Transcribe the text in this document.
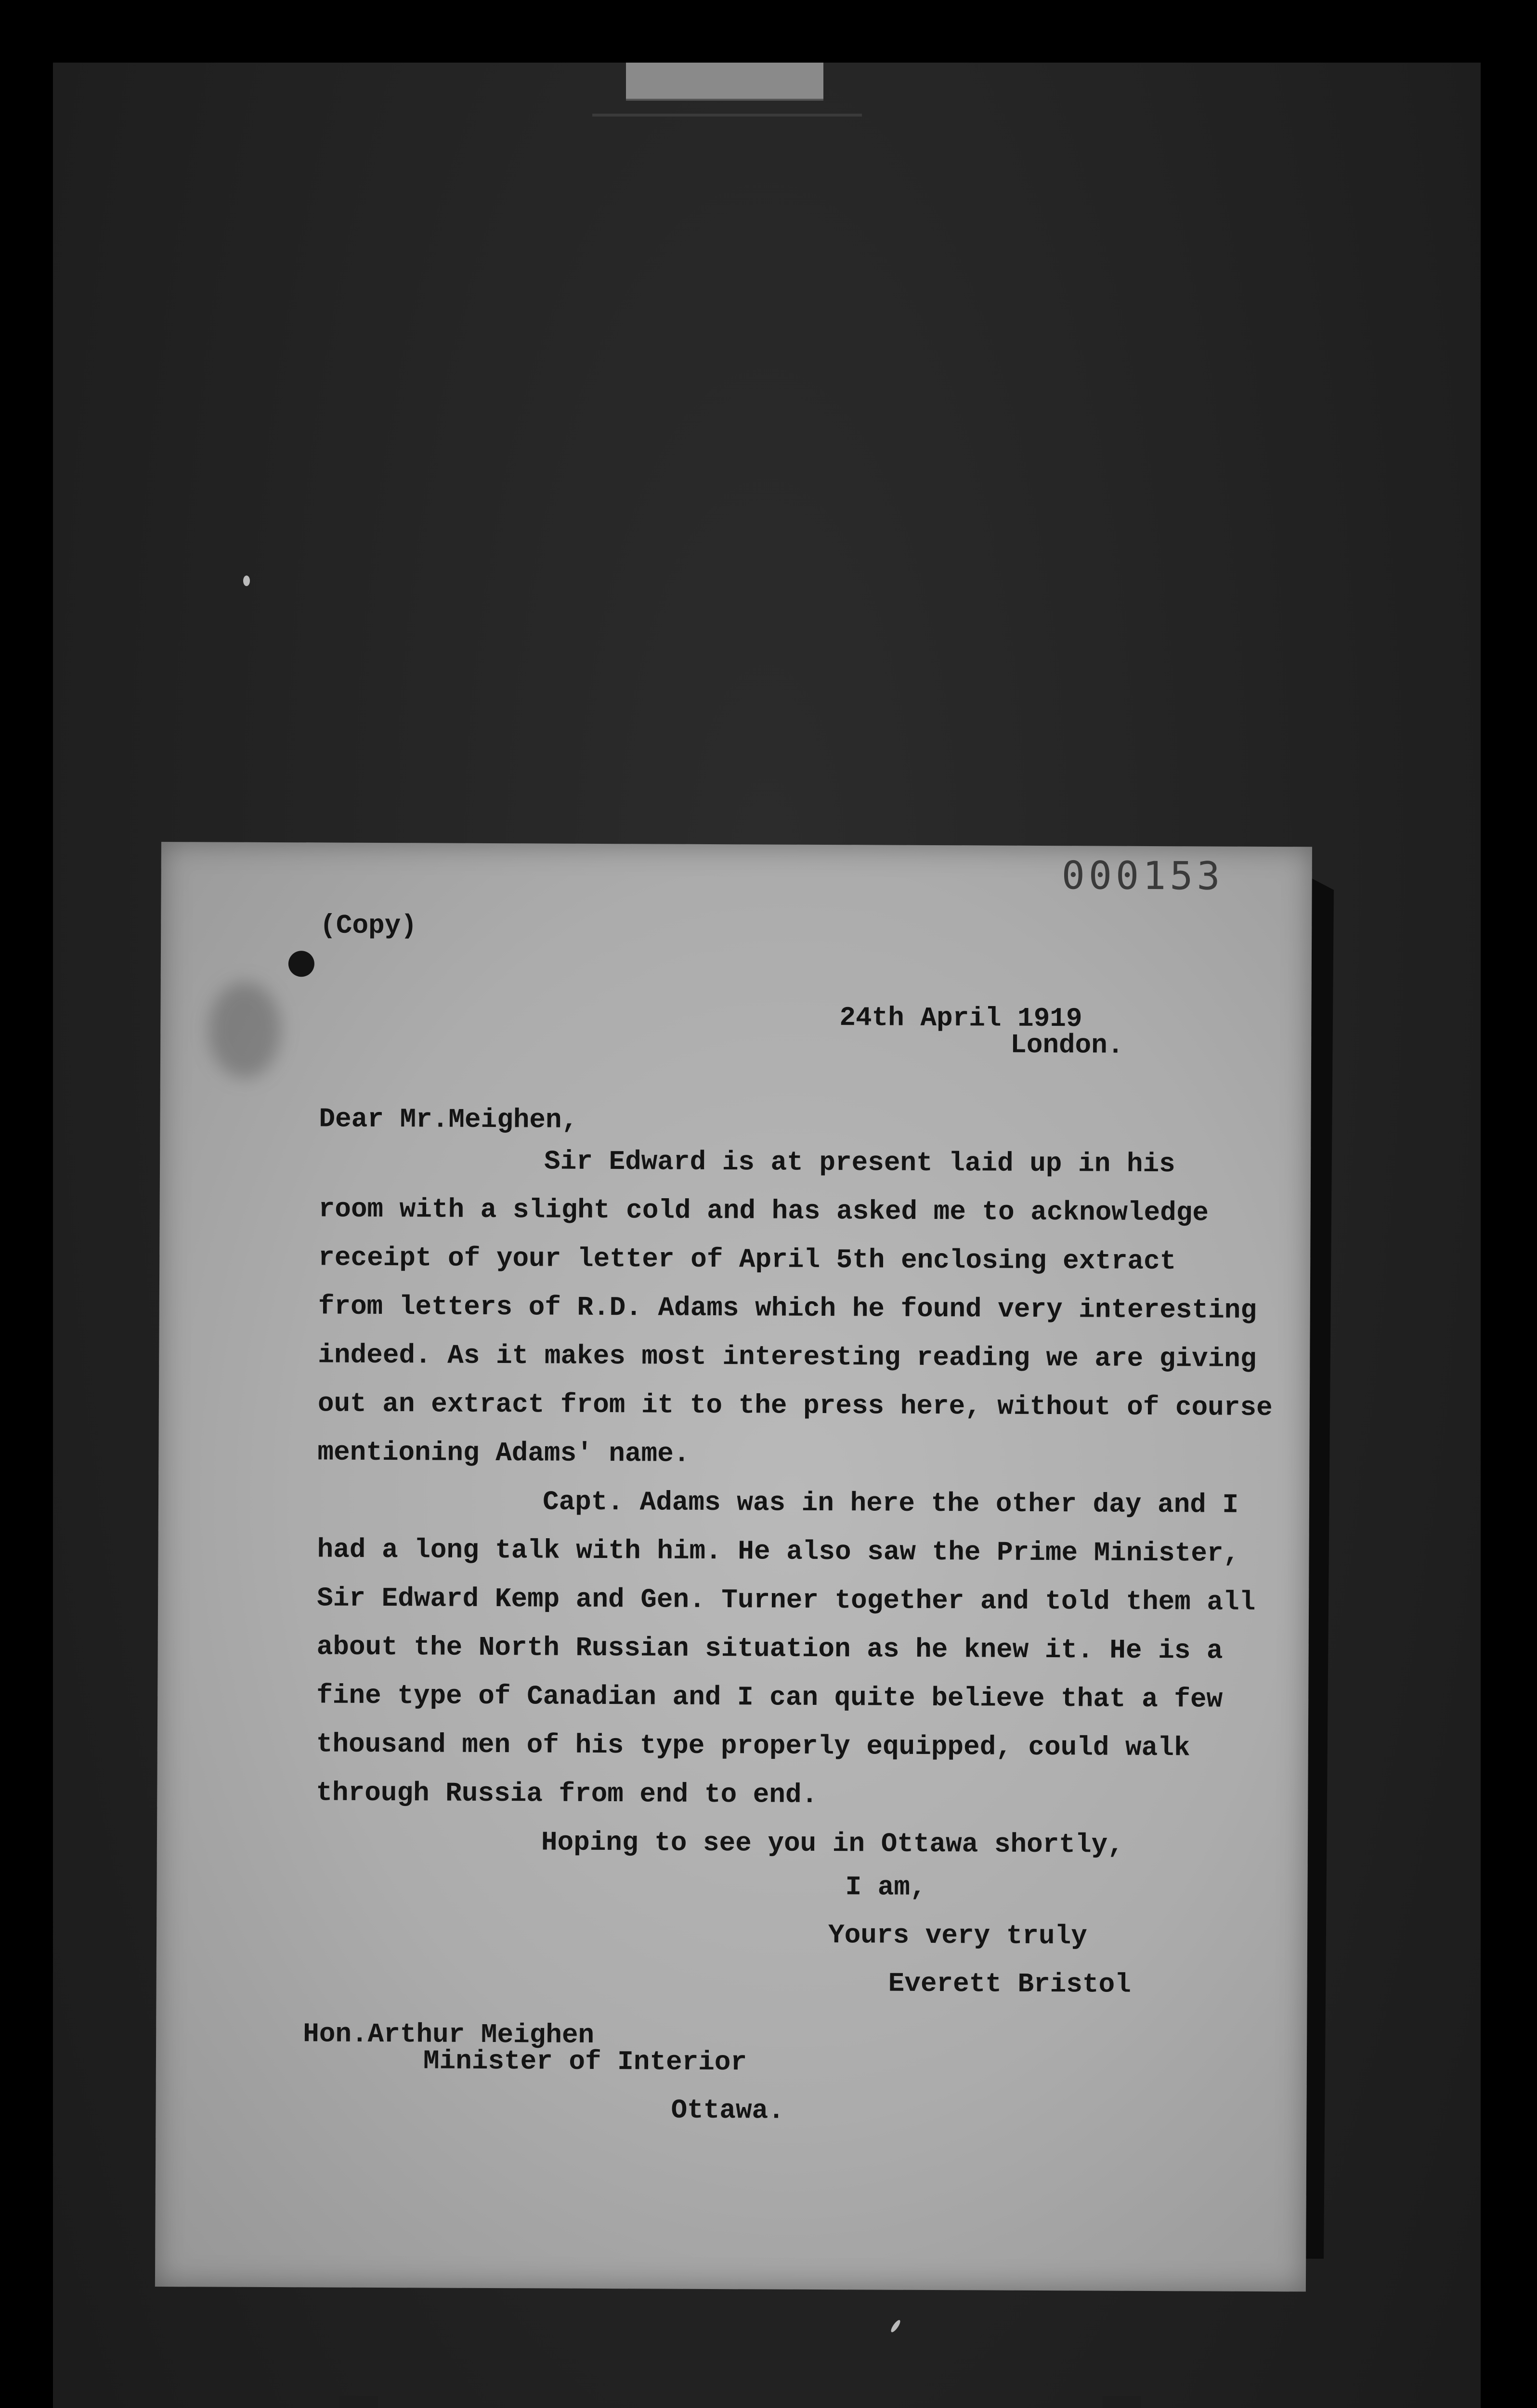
000153

(Copy)

24th April 1919

London.

Dear Mr.Meighen,

Sir Edward is at present laid up in his

room with a slight cold and has asked me to acknowledge

receipt of your letter of April 5th enclosing extract

from letters of R.D. Adams which he found very interesting

indeed. As it makes most interesting reading we are giving

out an extract from it to the press here, without of course

mentioning Adams' name.

Capt. Adams was in here the other day and I

had a long talk with him. He also saw the Prime Minister,

Sir Edward Kemp and Gen. Turner together and told them all

about the North Russian situation as he knew it. He is a

fine type of Canadian and I can quite believe that a few

thousand men of his type properly equipped, could walk

through Russia from end to end.

Hoping to see you in Ottawa shortly,

I am,

Yours very truly

Everett Bristol

Hon.Arthur Meighen

Minister of Interior

Ottawa.
